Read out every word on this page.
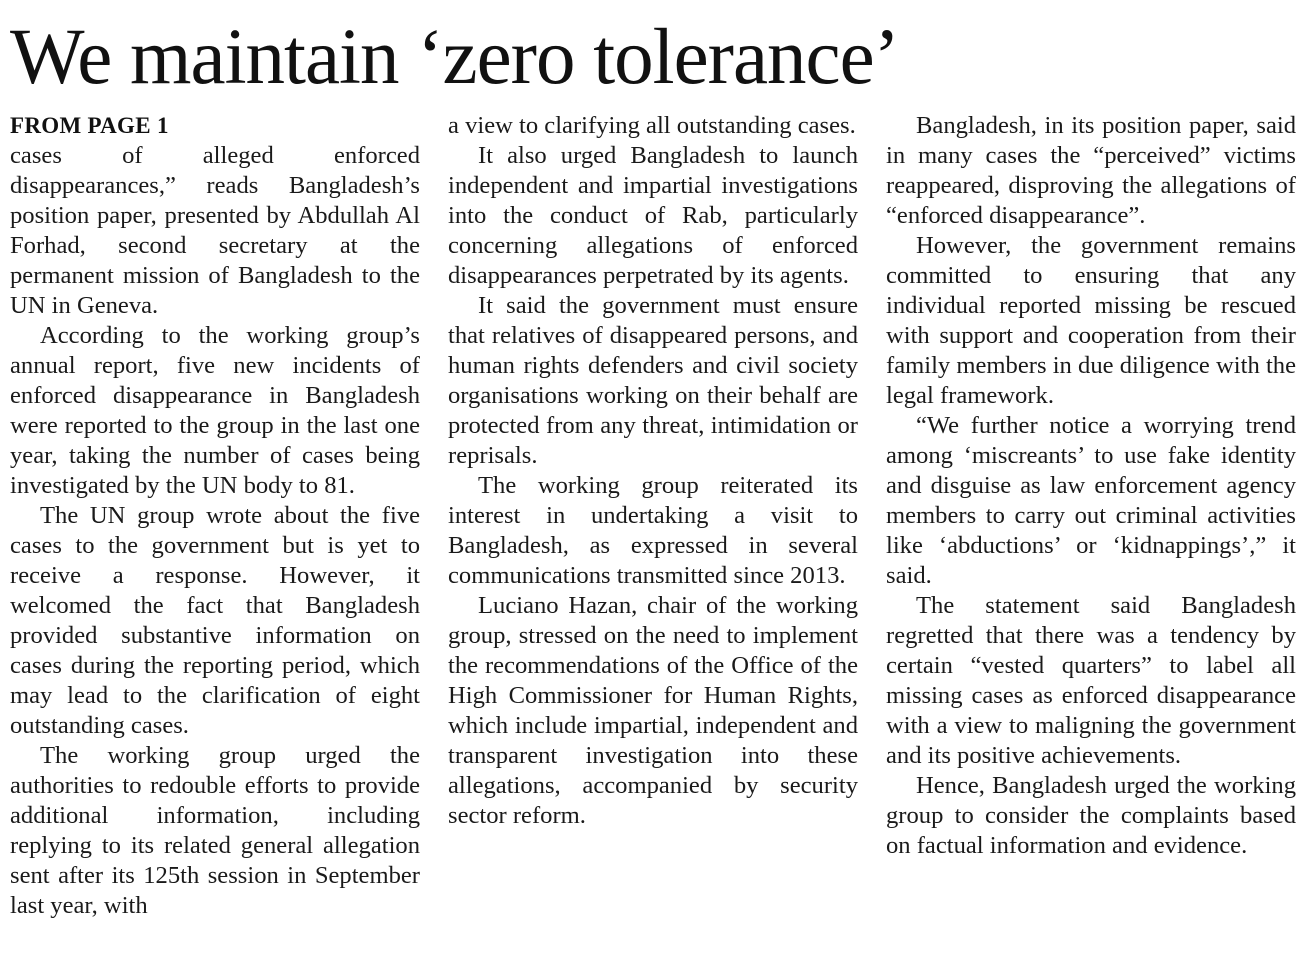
We maintain ‘zero tolerance’
FROM PAGE 1

cases of alleged enforced disappearances,” reads Bangladesh’s position paper, presented by Abdullah Al Forhad, second secretary at the permanent mission of Bangladesh to the UN in Geneva.

According to the working group’s annual report, five new incidents of enforced disappearance in Bangladesh were reported to the group in the last one year, taking the number of cases being investigated by the UN body to 81.

The UN group wrote about the five cases to the government but is yet to receive a response. However, it welcomed the fact that Bangladesh provided substantive information on cases during the reporting period, which may lead to the clarification of eight outstanding cases.

The working group urged the authorities to redouble efforts to provide additional information, including replying to its related general allegation sent after its 125th session in September last year, with

a view to clarifying all outstanding cases.

It also urged Bangladesh to launch independent and impartial investigations into the conduct of Rab, particularly concerning allegations of enforced disappearances perpetrated by its agents.

It said the government must ensure that relatives of disappeared persons, and human rights defenders and civil society organisations working on their behalf are protected from any threat, intimidation or reprisals.

The working group reiterated its interest in undertaking a visit to Bangladesh, as expressed in several communications transmitted since 2013.

Luciano Hazan, chair of the working group, stressed on the need to implement the recommendations of the Office of the High Commissioner for Human Rights, which include impartial, independent and transparent investigation into these allegations, accompanied by security sector reform.

Bangladesh, in its position paper, said in many cases the “perceived” victims reappeared, disproving the allegations of “enforced disappearance”.

However, the government remains committed to ensuring that any individual reported missing be rescued with support and cooperation from their family members in due diligence with the legal framework.

“We further notice a worrying trend among ‘miscreants’ to use fake identity and disguise as law enforcement agency members to carry out criminal activities like ‘abductions’ or ‘kidnappings’,” it said.

The statement said Bangladesh regretted that there was a tendency by certain “vested quarters” to label all missing cases as enforced disappearance with a view to maligning the government and its positive achievements.

Hence, Bangladesh urged the working group to consider the complaints based on factual information and evidence.
